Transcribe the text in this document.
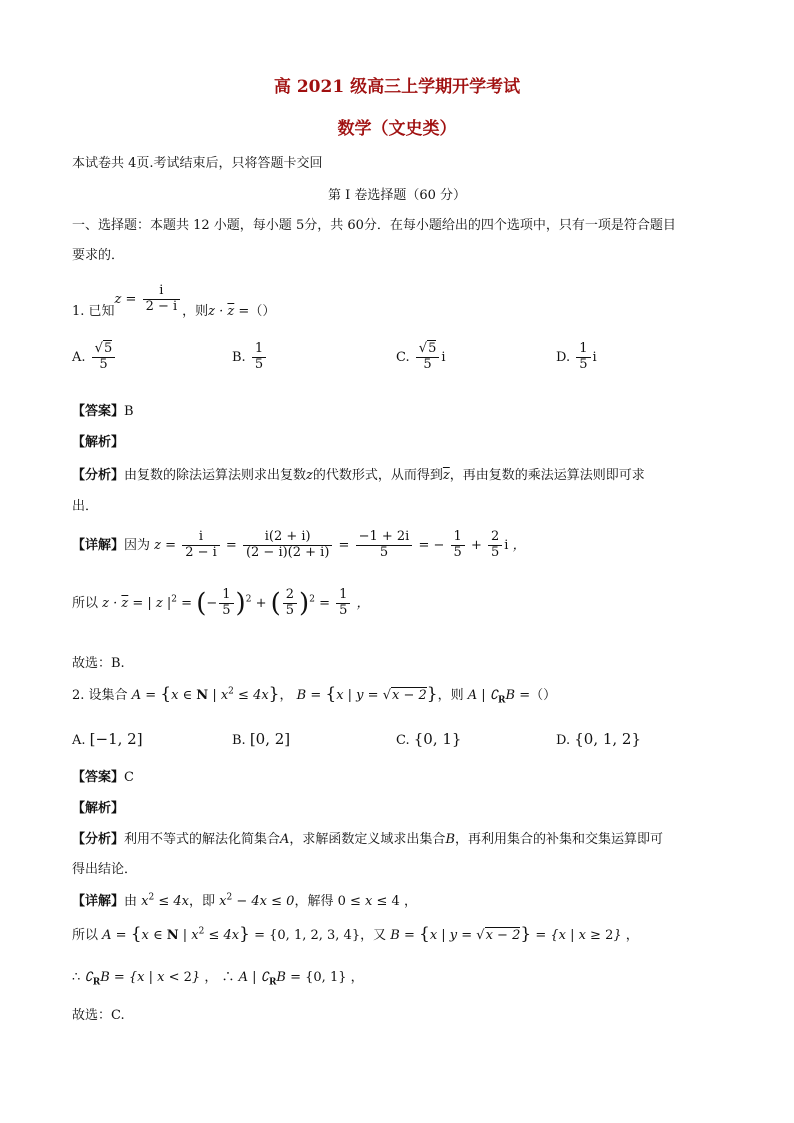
高 2021 级高三上学期开学考试
数学（文史类）
本试卷共 4页.考试结束后，只将答题卡交回
第 I 卷选择题（60 分）
一、选择题：本题共 12 小题，每小题 5分，共 60分．在每小题给出的四个选项中，只有一项是符合题目
要求的．
1. 已知$z = \frac{i}{2 - i}$ ，则$z \cdot \overline{z}$ =（）
A. $\frac{√5}{5}$	B. $\frac{1}{5}$	C. $\frac{√5}{5}$ i	D. $\frac{1}{5}$ i
【答案】B
【解析】
【分析】由复数的除法运算法则求出复数z的代数形式，从而得到$\overline{z}$，再由复数的乘法运算法则即可求
出．
【详解】因为 $z = \frac{i}{2 - i} = \frac{i(2 + i)}{(2 - i)(2 + i)} = \frac{-1 + 2i}{5}$ = − $\frac{1}{5} + \frac{2}{5}$ i ，
所以 $z \cdot \overline{z}$ = | z $|^2$ = (− $\frac{1}{5} )^2$ + ( $\frac{2}{5} )^2 = \frac{1}{5}$ ，
故选：B.
2. 设集合 A = {x ∈ N | $x^2 \le 4x$}， B = {x | y = √x − 2}，则 A | $∁_RB$ =（）
A. [−1, 2]	B. [0, 2]	C. {0, 1}	D. {0, 1, 2}
【答案】C
【解析】
【分析】利用不等式的解法化简集合A，求解函数定义域求出集合B，再利用集合的补集和交集运算即可
得出结论．
【详解】由 $x^2 \le 4x$，即 $x^2 - 4x \le 0$，解得 0 ≤ x ≤ 4 ，
所以 A = {x ∈ N | $x^2 \le 4x\} = \{0$, 1, 2, 3, 4}，又 B = {x | y = √x − 2} = {x | x ≥ 2} ，
∴ $∁_RB = \{x$ | x < 2} ， ∴ A | $∁_RB = \{0$, 1} ，
故选：C.
